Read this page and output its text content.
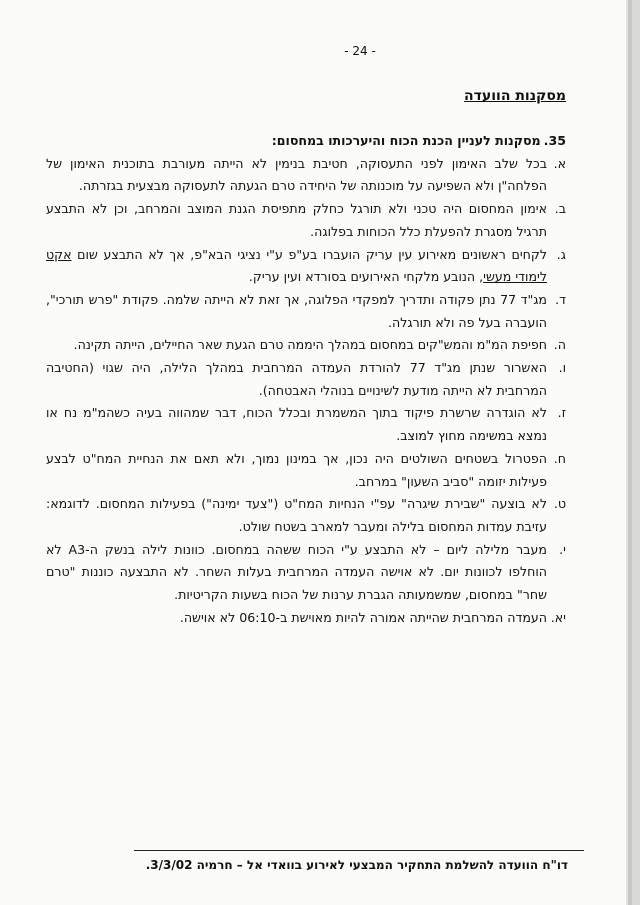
- 24 -
מסקנות הוועדה
35.
מסקנות לעניין הכנת הכוח והיערכותו במחסום:
א.
בכל שלב האימון לפני התעסוקה, חטיבת בנימין לא הייתה מעורבת בתוכנית האימון של הפלחה"ן ולא השפיעה על מוכנותה של היחידה טרם הגעתה לתעסוקה מבצעית בגזרתה.
ב.
אימון המחסום היה טכני ולא תורגל כחלק מתפיסת הגנת המוצב והמרחב, וכן לא התבצע תרגיל מסגרת להפעלת כלל הכוחות בפלוגה.
ג.
לקחים ראשונים מאירוע עין עריק הועברו בע"פ ע"י נציגי הבא"פ, אך לא התבצע שום אקט לימודי מעשי, הנובע מלקחי האירועים בסורדא ועין עריק.
ד.
מג"ד 77 נתן פקודה ותדריך למפקדי הפלוגה, אך זאת לא הייתה שלמה. פקודת "פרש תורכי", הועברה בעל פה ולא תורגלה.
ה.
חפיפת המ"מ והמש"קים במחסום במהלך היממה טרם הגעת שאר החיילים, הייתה תקינה.
ו.
האשרור שנתן מג"ד 77 להורדת העמדה המרחבית במהלך הלילה, היה שגוי (החטיבה המרחבית לא הייתה מודעת לשינויים בנוהלי האבטחה).
ז.
לא הוגדרה שרשרת פיקוד בתוך המשמרת ובכלל הכוח, דבר שמהווה בעיה כשהמ"מ נח או נמצא במשימה מחוץ למוצב.
ח.
הפטרול בשטחים השולטים היה נכון, אך במינון נמוך, ולא תאם את הנחיית המח"ט לבצע פעילות יזומה "סביב השעון" במרחב.
ט.
לא בוצעה "שבירת שיגרה" עפ"י הנחיות המח"ט ("צעד ימינה") בפעילות המחסום. לדוגמא: עזיבת עמדות המחסום בלילה ומעבר למארב בשטח שולט.
י.
מעבר מלילה ליום – לא התבצע ע"י הכוח ששהה במחסום. כוונות לילה בנשק ה-A3 לא הוחלפו לכוונות יום. לא אוישה העמדה המרחבית בעלות השחר. לא התבצעה כוננות "טרם שחר" במחסום, שמשמעותה הגברת ערנות של הכוח בשעות הקריטיות.
יא.
העמדה המרחבית שהייתה אמורה להיות מאוישת ב-06:10 לא אוישה.
דו"ח הוועדה להשלמת התחקיר המבצעי לאירוע בוואדי אל – חרמיה 3/3/02.
